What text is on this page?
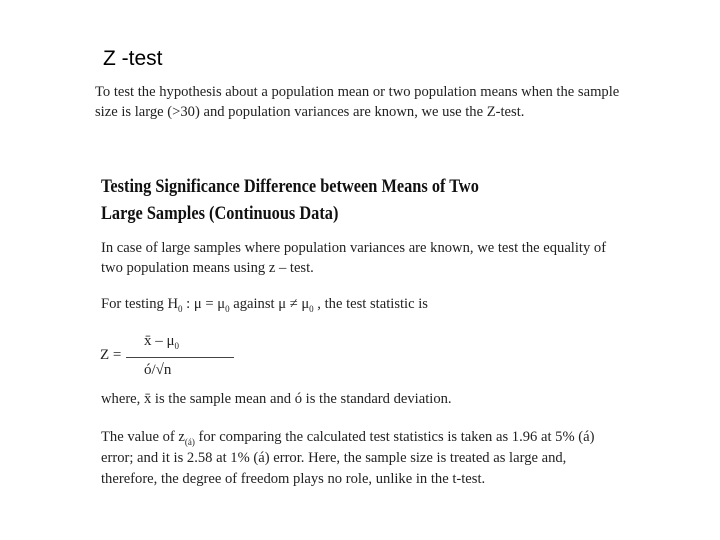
Z -test

To test the hypothesis about a population mean or two population means when the sample size is large (>30) and population variances are known, we use the Z-test.

Testing Significance Difference between Means of Two Large Samples (Continuous Data)

In case of large samples where population variances are known, we test the equality of two population means using z – test.

For testing $H_0$ : $\mu = \mu_0$ against $\mu \ne \mu_0$ , the test statistic is

Z =
x̄ – $\mu_0$
ó/√n

where, x̄ is the sample mean and ó is the standard deviation.

The value of $z_{(á)}$ for comparing the calculated test statistics is taken as 1.96 at 5% (á) error; and it is 2.58 at 1% (á) error. Here, the sample size is treated as large and, therefore, the degree of freedom plays no role, unlike in the t-test.
